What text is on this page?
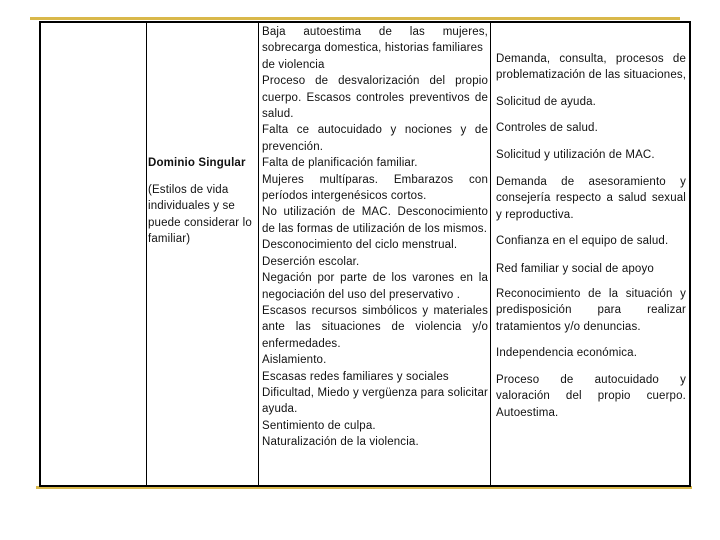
Dominio Singular
(Estilos de vida
individuales y se
puede considerar lo
familiar)
Baja autoestima de las mujeres,
sobrecarga domestica, historias familiares
de violencia
Proceso de desvalorización del propio
cuerpo. Escasos controles preventivos de
salud.
Falta ce autocuidado y nociones y de
prevención.
Falta de planificación familiar.
Mujeres multíparas. Embarazos con
períodos intergenésicos cortos.
No utilización de MAC. Desconocimiento
de las formas de utilización de los mismos.
Desconocimiento del ciclo menstrual.
Deserción escolar.
Negación por parte de los varones en la
negociación del uso del preservativo .
Escasos recursos simbólicos y materiales
ante las situaciones de violencia y/o
enfermedades.
Aislamiento.
Escasas redes familiares y sociales
Dificultad, Miedo y vergüenza para solicitar
ayuda.
Sentimiento de culpa.
Naturalización de la violencia.
Demanda, consulta, procesos de
problematización de las situaciones,
Solicitud de ayuda.
Controles de salud.
Solicitud y utilización de MAC.
Demanda de asesoramiento y
consejería respecto a salud sexual
y reproductiva.
Confianza en el equipo de salud.
Red familiar y social de apoyo
Reconocimiento de la situación y
predisposición para realizar
tratamientos y/o denuncias.
Independencia económica.
Proceso de autocuidado y
valoración del propio cuerpo.
Autoestima.
